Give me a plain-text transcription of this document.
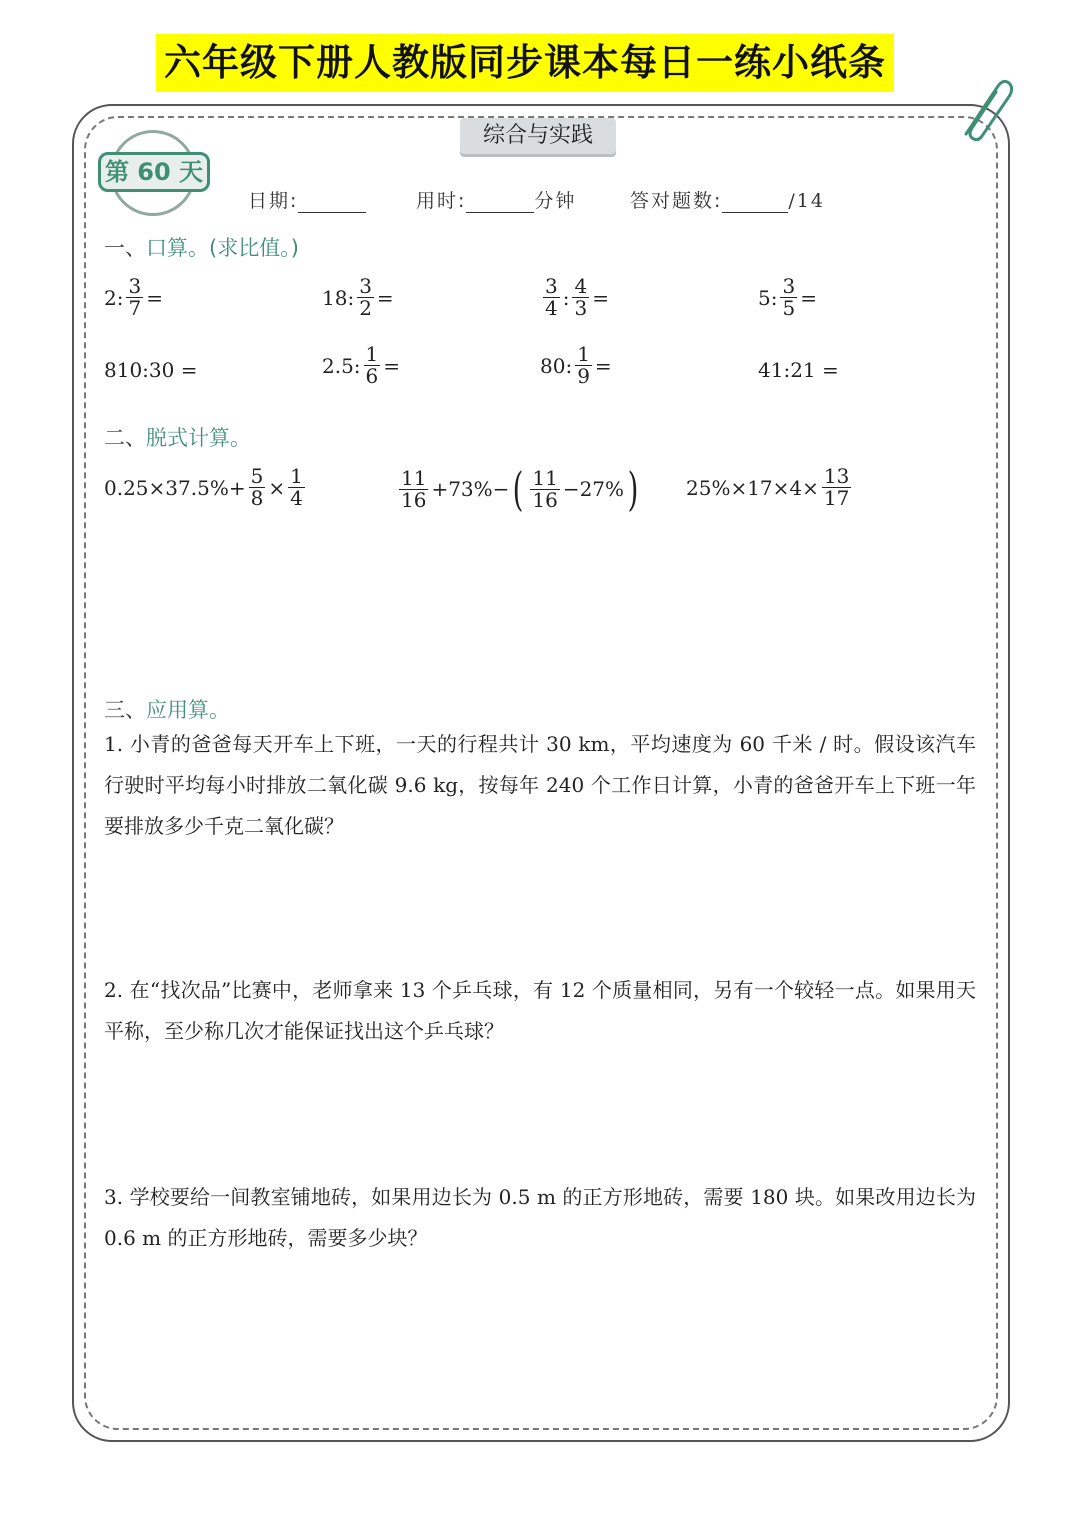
六年级下册人教版同步课本每日一练小纸条
综合与实践
第 60 天
日期:	用时:	分钟	答对题数:	/14
一、口算。(求比值。)
2: $\frac{3}{7}$ =	18: $\frac{3}{2}$ =	$\frac{3}{4}$ : $\frac{4}{3}$ =	5: $\frac{3}{5}$ =
810:30 =	2.5: $\frac{1}{6}$ =	80: $\frac{1}{9}$ =	41:21 =
二、脱式计算。
$0.25\times 37.5\%+ \frac{5}{8} \times \frac{1}{4}$	$\frac{11}{16} +73\%-$ ( $\frac{11}{16} -27\%$ ) $25\%\times 17\times 4\times \frac{13}{17}$
三、应用算。
1. 小青的爸爸每天开车上下班，一天的行程共计 30 km，平均速度为 60 千米 / 时。假设该汽车行驶时平均每小时排放二氧化碳 9.6 kg，按每年 240 个工作日计算，小青的爸爸开车上下班一年要排放多少千克二氧化碳？
2. 在“找次品”比赛中，老师拿来 13 个乒乓球，有 12 个质量相同，另有一个较轻一点。如果用天平称，至少称几次才能保证找出这个乒乓球？
3. 学校要给一间教室铺地砖，如果用边长为 0.5 m 的正方形地砖，需要 180 块。如果改用边长为 0.6 m 的正方形地砖，需要多少块？
